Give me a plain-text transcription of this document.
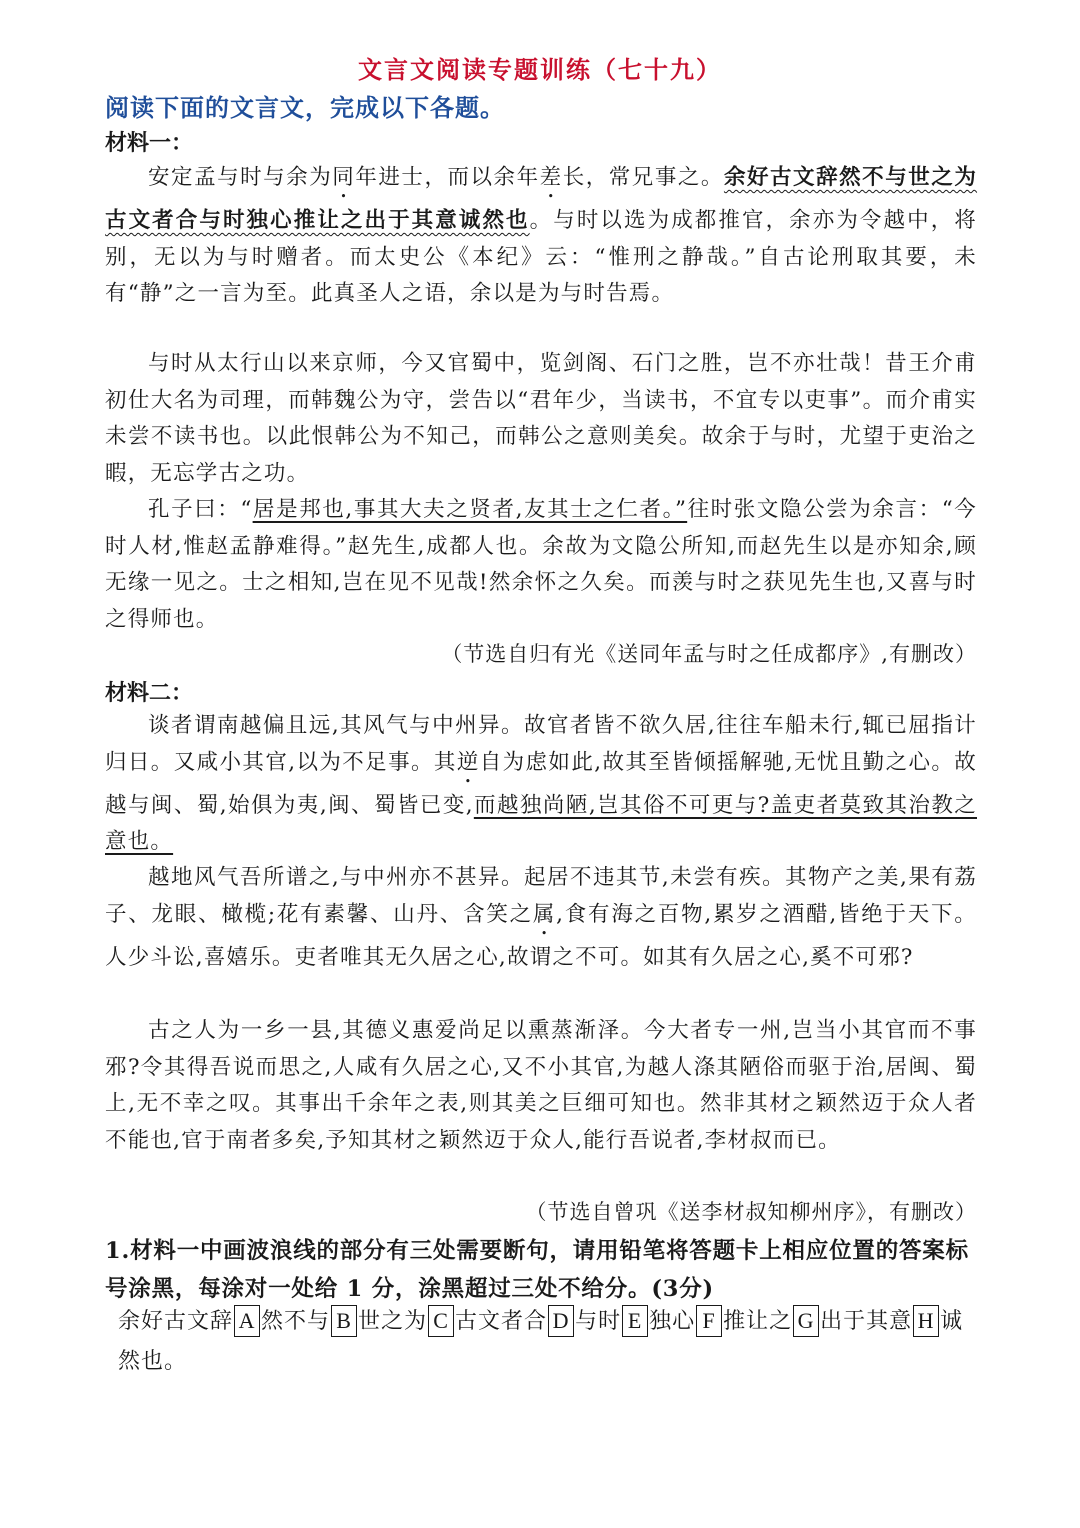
文言文阅读专题训练（七十九）
阅读下面的文言文，完成以下各题。
材料一：
安定孟与时与余为同年进士，而以余年差长，常兄事之。余好古文辞然不与世之为古文者合与时独心推让之出于其意诚然也。与时以选为成都推官，余亦为令越中，将别，无以为与时赠者。而太史公《本纪》云：“惟刑之静哉。”自古论刑取其要，未有“静”之一言为至。此真圣人之语，余以是为与时告焉。
与时从太行山以来京师，今又官蜀中，览剑阁、石门之胜，岂不亦壮哉！昔王介甫初仕大名为司理，而韩魏公为守，尝告以“君年少，当读书，不宜专以吏事”。而介甫实未尝不读书也。以此恨韩公为不知己，而韩公之意则美矣。故余于与时，尤望于吏治之暇，无忘学古之功。
孔子曰：“居是邦也,事其大夫之贤者,友其士之仁者。”往时张文隐公尝为余言：“今时人材,惟赵孟静难得。”赵先生,成都人也。余故为文隐公所知,而赵先生以是亦知余,顾无缘一见之。士之相知,岂在见不见哉!然余怀之久矣。而羡与时之获见先生也,又喜与时之得师也。
（节选自归有光《送同年孟与时之任成都序》,有删改）
材料二：
谈者谓南越偏且远,其风气与中州异。故官者皆不欲久居,往往车船未行,辄已屈指计归日。又咸小其官,以为不足事。其逆自为虑如此,故其至皆倾摇解驰,无忧且勤之心。故越与闽、蜀,始俱为夷,闽、蜀皆已变,而越独尚陋,岂其俗不可更与?盖吏者莫致其治教之意也。
越地风气吾所谱之,与中州亦不甚异。起居不违其节,未尝有疾。其物产之美,果有荔子、龙眼、橄榄;花有素馨、山丹、含笑之属,食有海之百物,累岁之酒醋,皆绝于天下。人少斗讼,喜嬉乐。吏者唯其无久居之心,故谓之不可。如其有久居之心,奚不可邪?
古之人为一乡一县,其德义惠爱尚足以熏蒸渐泽。今大者专一州,岂当小其官而不事邪?令其得吾说而思之,人咸有久居之心,又不小其官,为越人涤其陋俗而驱于治,居闽、蜀上,无不幸之叹。其事出千余年之表,则其美之巨细可知也。然非其材之颖然迈于众人者不能也,官于南者多矣,予知其材之颖然迈于众人,能行吾说者,李材叔而已。
（节选自曾巩《送李材叔知柳州序》，有删改）
1.材料一中画波浪线的部分有三处需要断句，请用铅笔将答题卡上相应位置的答案标号涂黑，每涂对一处给 1 分，涂黑超过三处不给分。(3分)
余好古文辞 A 然不与 B 世之为 C 古文者合 D 与时 E 独心 F 推让之 G 出于其意 H 诚然也。
